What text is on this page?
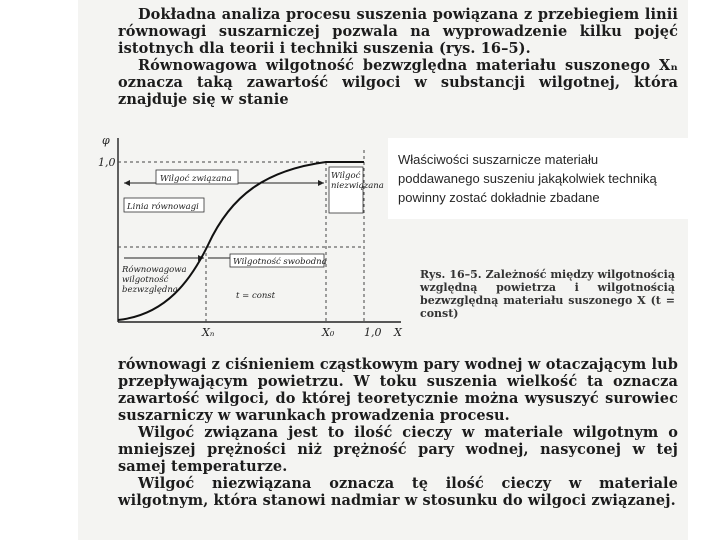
Dokładna analiza procesu suszenia powiązana z przebiegiem linii równowagi suszarniczej pozwala na wyprowadzenie kilku pojęć istotnych dla teorii i techniki suszenia (rys. 16–5).

Równowagowa wilgotność bezwzględna materiału suszonego Xₙ oznacza taką zawartość wilgoci w substancji wilgotnej, która znajduje się w stanie

równowagi z ciśnieniem cząstkowym pary wodnej w otaczającym lub przepływającym powietrzu. W toku suszenia wielkość ta oznacza zawartość wilgoci, do której teoretycznie można wysuszyć surowiec suszarniczy w warunkach prowadzenia procesu.

Wilgoć związana jest to ilość cieczy w materiale wilgotnym o mniejszej prężności niż prężność pary wodnej, nasyconej w tej samej temperaturze.

Wilgoć niezwiązana oznacza tę ilość cieczy w materiale wilgotnym, która stanowi nadmiar w stosunku do wilgoci związanej.

φ
1,0
X
Xₙ	X₀	1,0
Wilgoć związana	Wilgoć niezwiązana
Linia równowagi
Równowagowa wilgotność bezwzględna
Wilgotność swobodna
t = const
Rys. 16–5. Zależność między wilgotnością względną powietrza i wilgotnością bezwzględną materiału suszonego X (t = const)
Właściwości suszarnicze materiału poddawanego suszeniu jakąkolwiek techniką powinny zostać dokładnie zbadane
